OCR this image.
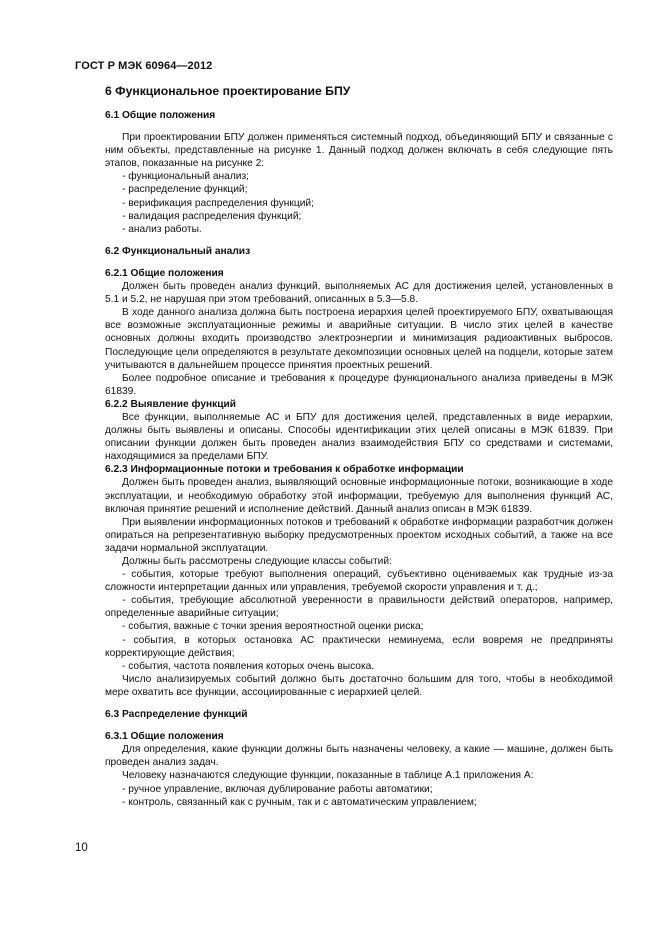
ГОСТ Р МЭК 60964—2012

6 Функциональное проектирование БПУ

6.1 Общие положения

При проектировании БПУ должен применяться системный подход, объединяющий БПУ и связанные с ним объекты, представленные на рисунке 1. Данный подход должен включать в себя следующие пять этапов, показанные на рисунке 2:

- функциональный анализ;

- распределение функций;

- верификация распределения функций;

- валидация распределения функций;

- анализ работы.

6.2 Функциональный анализ

6.2.1 Общие положения

Должен быть проведен анализ функций, выполняемых АС для достижения целей, установленных в 5.1 и 5.2, не нарушая при этом требований, описанных в 5.3—5.8.

В ходе данного анализа должна быть построена иерархия целей проектируемого БПУ, охватывающая все возможные эксплуатационные режимы и аварийные ситуации. В число этих целей в качестве основных должны входить производство электроэнергии и минимизация радиоактивных выбросов. Последующие цели определяются в результате декомпозиции основных целей на подцели, которые затем учитываются в дальнейшем процессе принятия проектных решений.

Более подробное описание и требования к процедуре функционального анализа приведены в МЭК 61839.

6.2.2 Выявление функций

Все функции, выполняемые АС и БПУ для достижения целей, представленных в виде иерархии, должны быть выявлены и описаны. Способы идентификации этих целей описаны в МЭК 61839. При описании функции должен быть проведен анализ взаимодействия БПУ со средствами и системами, находящимися за пределами БПУ.

6.2.3 Информационные потоки и требования к обработке информации

Должен быть проведен анализ, выявляющий основные информационные потоки, возникающие в ходе эксплуатации, и необходимую обработку этой информации, требуемую для выполнения функций АС, включая принятие решений и исполнение действий. Данный анализ описан в МЭК 61839.

При выявлении информационных потоков и требований к обработке информации разработчик должен опираться на репрезентативную выборку предусмотренных проектом исходных событий, а также на все задачи нормальной эксплуатации.

Должны быть рассмотрены следующие классы событий:

- события, которые требуют выполнения операций, субъективно оцениваемых как трудные из-за сложности интерпретации данных или управления, требуемой скорости управления и т. д.;

- события, требующие абсолютной уверенности в правильности действий операторов, например, определенные аварийные ситуации;

- события, важные с точки зрения вероятностной оценки риска;

- события, в которых остановка АС практически неминуема, если вовремя не предприняты корректирующие действия;

- события, частота появления которых очень высока.

Число анализируемых событий должно быть достаточно большим для того, чтобы в необходимой мере охватить все функции, ассоциированные с иерархией целей.

6.3 Распределение функций

6.3.1 Общие положения

Для определения, какие функции должны быть назначены человеку, а какие — машине, должен быть проведен анализ задач.

Человеку назначаются следующие функции, показанные в таблице А.1 приложения А:

- ручное управление, включая дублирование работы автоматики;

- контроль, связанный как с ручным, так и с автоматическим управлением;

10
